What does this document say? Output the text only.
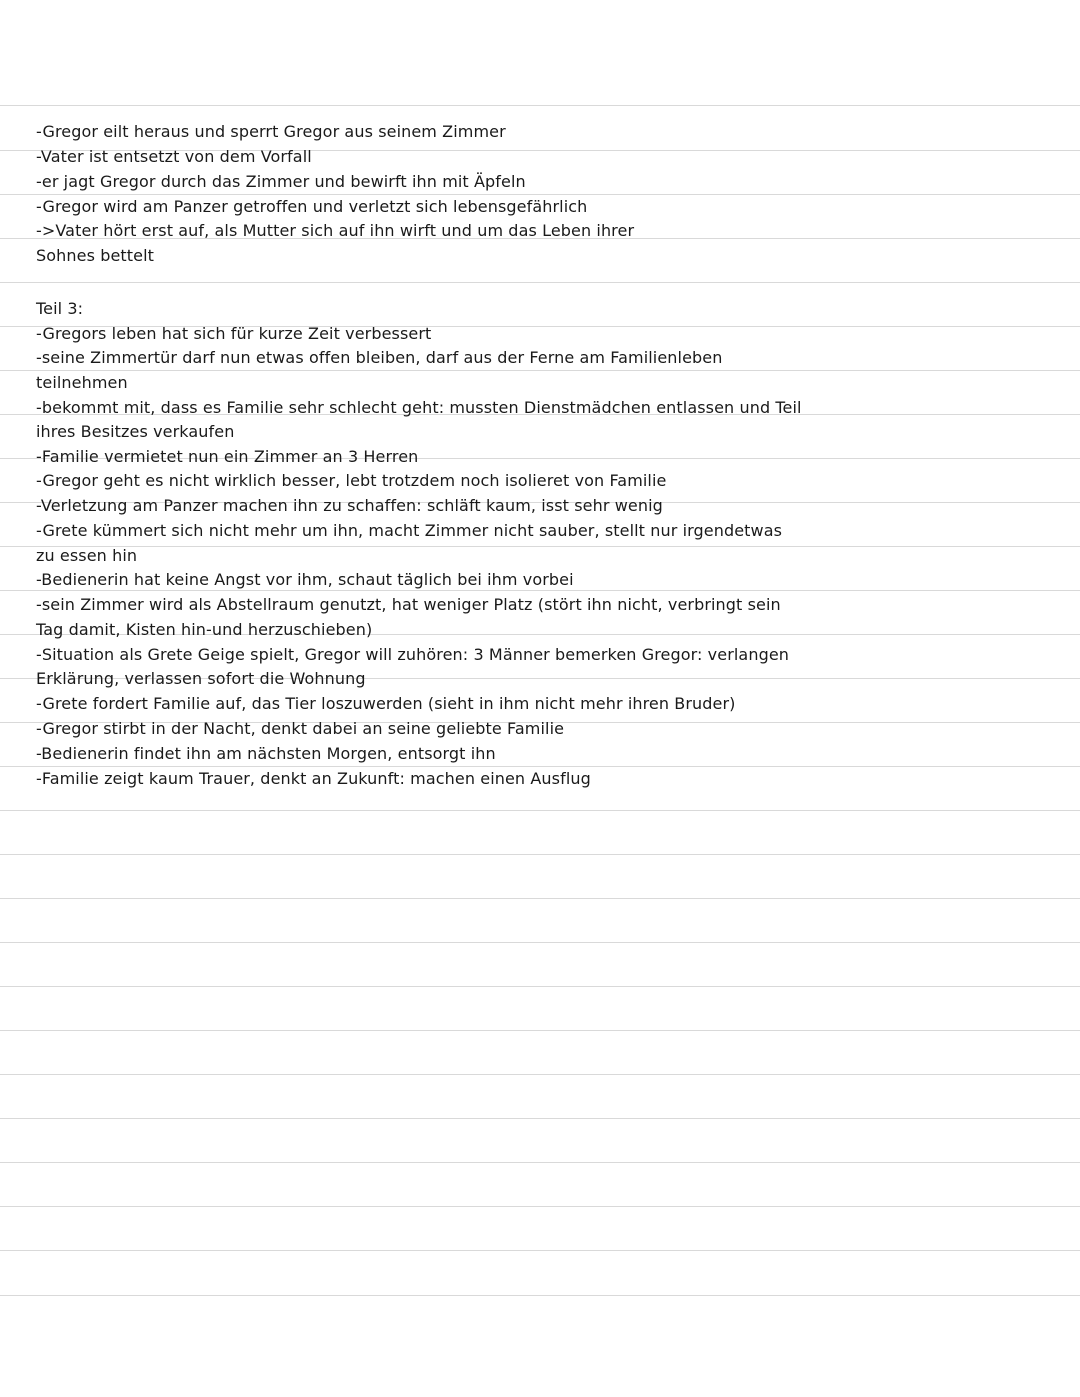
-Gregor eilt heraus und sperrt Gregor aus seinem Zimmer

-Vater ist entsetzt von dem Vorfall

-er jagt Gregor durch das Zimmer und bewirft ihn mit Äpfeln

-Gregor wird am Panzer getroffen und verletzt sich lebensgefährlich

->Vater hört erst auf, als Mutter sich auf ihn wirft und um das Leben ihrer

Sohnes bettelt

Teil 3:

-Gregors leben hat sich für kurze Zeit verbessert

-seine Zimmertür darf nun etwas offen bleiben, darf aus der Ferne am Familienleben

teilnehmen

-bekommt mit, dass es Familie sehr schlecht geht: mussten Dienstmädchen entlassen und Teil

ihres Besitzes verkaufen

-Familie vermietet nun ein Zimmer an 3 Herren

-Gregor geht es nicht wirklich besser, lebt trotzdem noch isolieret von Familie

-Verletzung am Panzer machen ihn zu schaffen: schläft kaum, isst sehr wenig

-Grete kümmert sich nicht mehr um ihn, macht Zimmer nicht sauber, stellt nur irgendetwas

zu essen hin

-Bedienerin hat keine Angst vor ihm, schaut täglich bei ihm vorbei

-sein Zimmer wird als Abstellraum genutzt, hat weniger Platz (stört ihn nicht, verbringt sein

Tag damit, Kisten hin-und herzuschieben)

-Situation als Grete Geige spielt, Gregor will zuhören: 3 Männer bemerken Gregor: verlangen

Erklärung, verlassen sofort die Wohnung

-Grete fordert Familie auf, das Tier loszuwerden (sieht in ihm nicht mehr ihren Bruder)

-Gregor stirbt in der Nacht, denkt dabei an seine geliebte Familie

-Bedienerin findet ihn am nächsten Morgen, entsorgt ihn

-Familie zeigt kaum Trauer, denkt an Zukunft: machen einen Ausflug
